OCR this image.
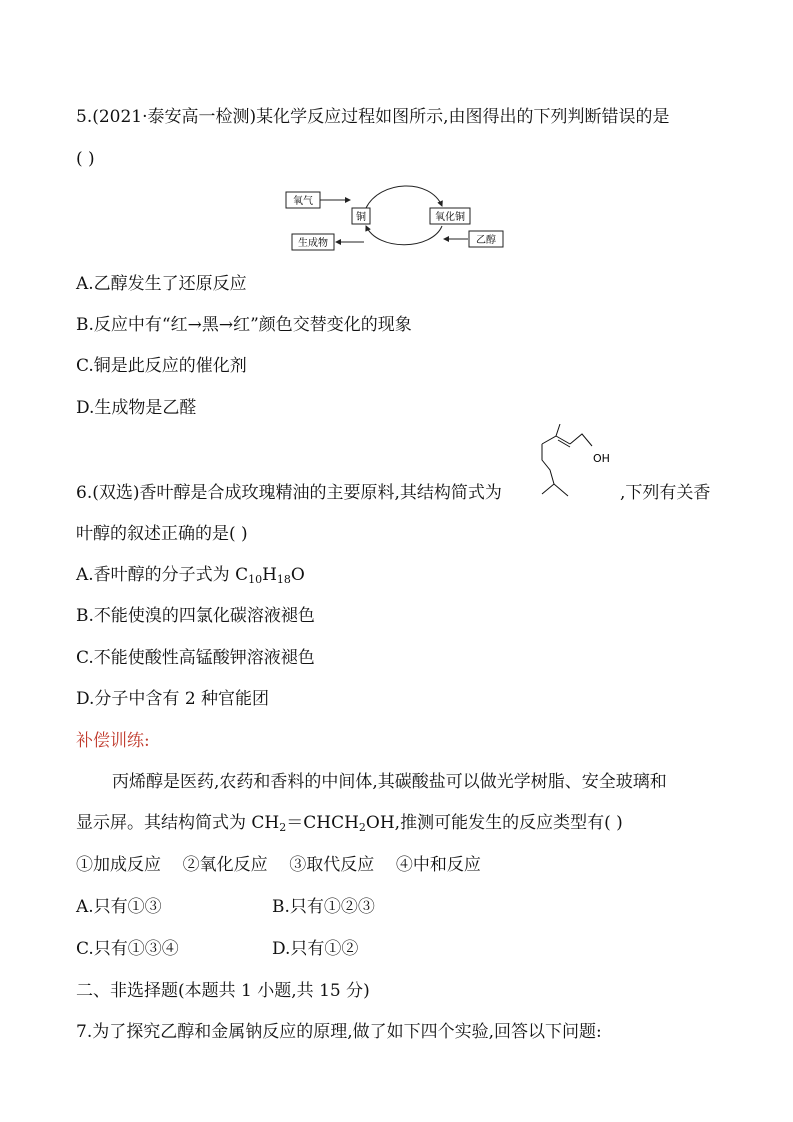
5.(2021·泰安高一检测)某化学反应过程如图所示,由图得出的下列判断错误的是
( )
氧气
铜	氧化铜
生成物	乙醇
A.乙醇发生了还原反应
B.反应中有“红→黑→红”颜色交替变化的现象
C.铜是此反应的催化剂
D.生成物是乙醛
6.(双选)香叶醇是合成玫瑰精油的主要原料,其结构简式为
OH
,下列有关香
叶醇的叙述正确的是( )
A.香叶醇的分子式为 $C_{10}H_{18}O$
B.不能使溴的四氯化碳溶液褪色
C.不能使酸性高锰酸钾溶液褪色
D.分子中含有 2 种官能团
补偿训练:
丙烯醇是医药,农药和香料的中间体,其碳酸盐可以做光学树脂、安全玻璃和
显示屏。其结构简式为 $CH_2=CHCH_2OH$,推测可能发生的反应类型有( )
①加成反应    ②氧化反应    ③取代反应    ④中和反应
A.只有①③	B.只有①②③
C.只有①③④	D.只有①②
二、非选择题(本题共 1 小题,共 15 分)
7.为了探究乙醇和金属钠反应的原理,做了如下四个实验,回答以下问题:
